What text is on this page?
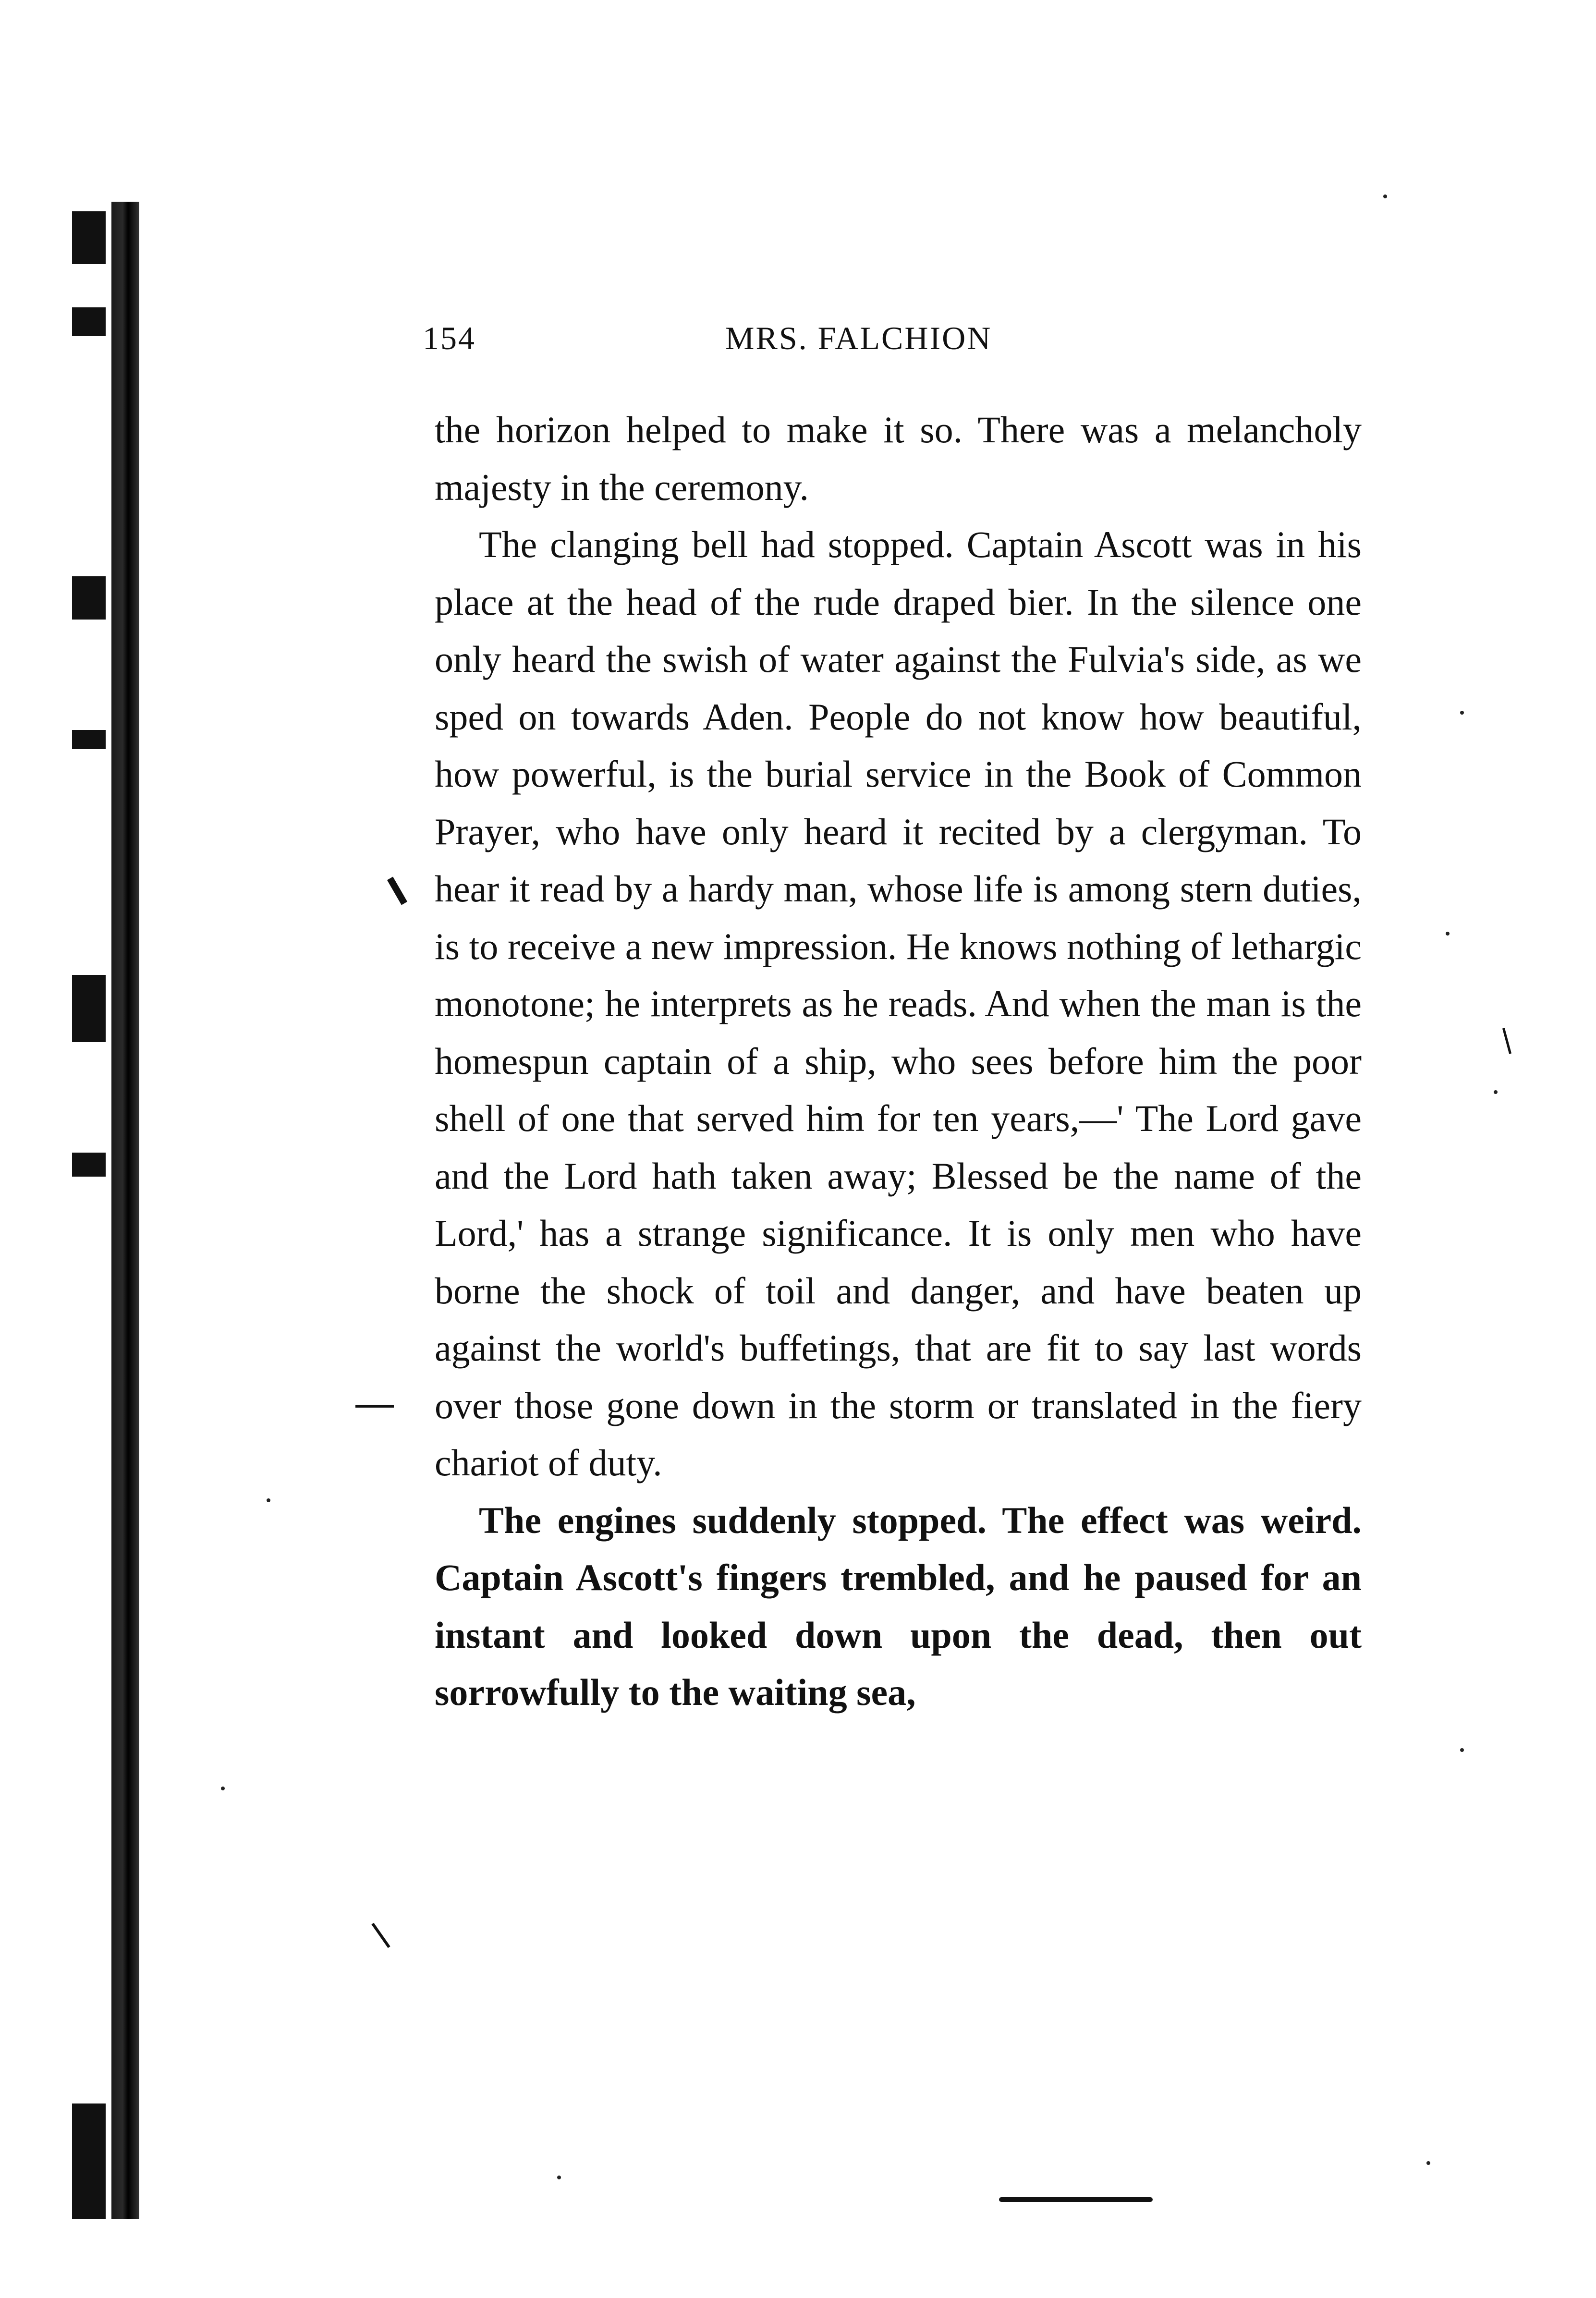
154	MRS. FALCHION

the horizon helped to make it so. There was a melancholy majesty in the ceremony.

The clanging bell had stopped. Captain Ascott was in his place at the head of the rude draped bier. In the silence one only heard the swish of water against the Fulvia's side, as we sped on towards Aden. People do not know how beautiful, how powerful, is the burial service in the Book of Common Prayer, who have only heard it recited by a clergyman. To hear it read by a hardy man, whose life is among stern duties, is to receive a new impression. He knows nothing of lethargic monotone; he interprets as he reads. And when the man is the homespun captain of a ship, who sees before him the poor shell of one that served him for ten years,—' The Lord gave and the Lord hath taken away; Blessed be the name of the Lord,' has a strange significance. It is only men who have borne the shock of toil and danger, and have beaten up against the world's buffetings, that are fit to say last words over those gone down in the storm or translated in the fiery chariot of duty.

The engines suddenly stopped. The effect was weird. Captain Ascott's fingers trembled, and he paused for an instant and looked down upon the dead, then out sorrowfully to the waiting sea,
